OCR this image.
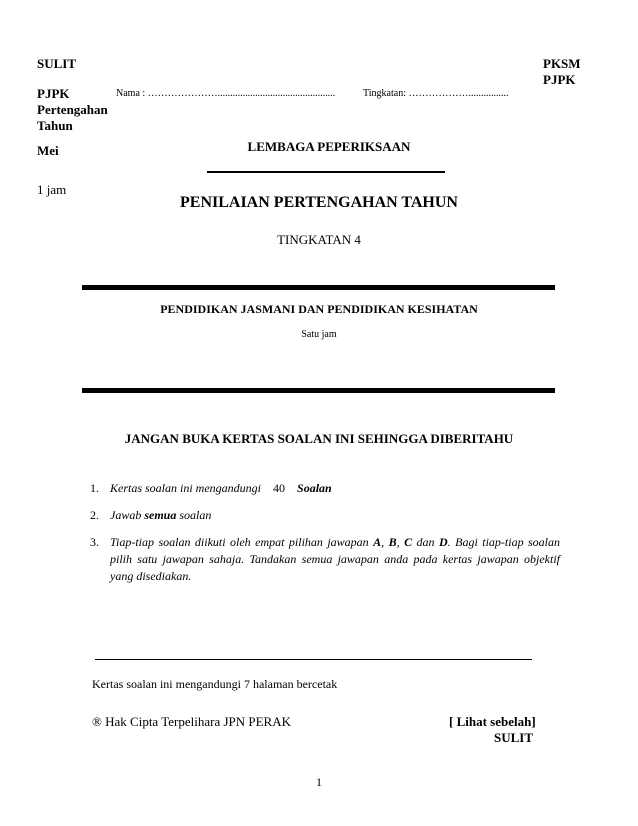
SULIT	PKSM
PJPK
PJPK
Pertengahan
Tahun
Nama : …………………...............................................	Tingkatan: ………………................
Mei
1 jam
LEMBAGA PEPERIKSAAN
PENILAIAN PERTENGAHAN TAHUN
TINGKATAN 4
PENDIDIKAN JASMANI DAN PENDIDIKAN KESIHATAN
Satu jam
JANGAN BUKA KERTAS SOALAN INI SEHINGGA DIBERITAHU
1. Kertas soalan ini mengandungi 40 Soalan
2. Jawab semua soalan
3. Tiap-tiap soalan diikuti oleh empat pilihan jawapan A, B, C dan D. Bagi tiap-tiap soalan pilih satu jawapan sahaja. Tandakan semua jawapan anda pada kertas jawapan objektif yang disediakan.
Kertas soalan ini mengandungi 7 halaman bercetak
® Hak Cipta Terpelihara JPN PERAK	[ Lihat sebelah]
SULIT
1
